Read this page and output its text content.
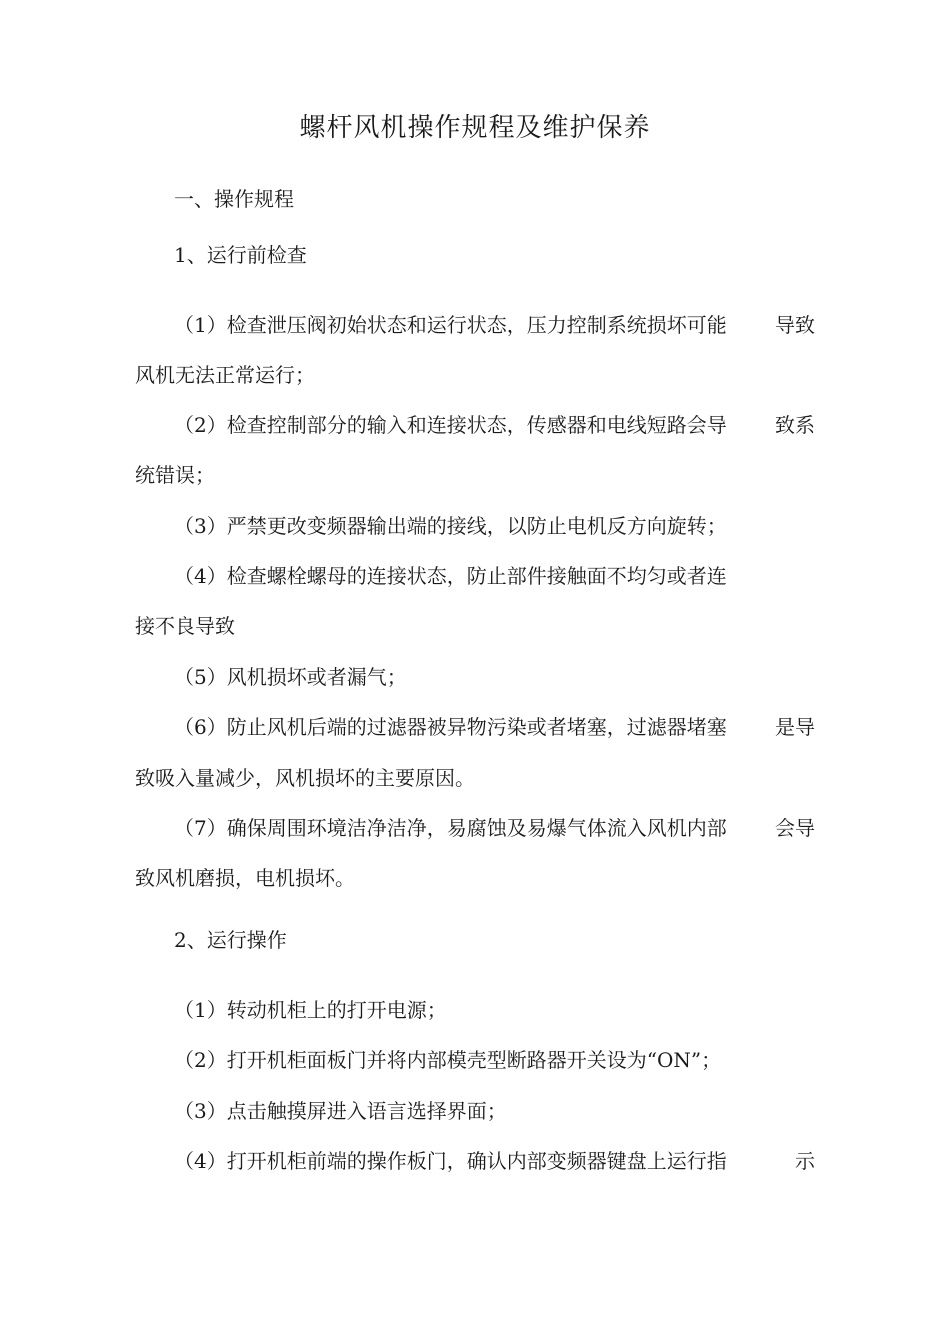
螺杆风机操作规程及维护保养
一、操作规程
1、运行前检查
（1）检查泄压阀初始状态和运行状态，压力控制系统损坏可能 导致
风机无法正常运行；
（2）检查控制部分的输入和连接状态，传感器和电线短路会导 致系
统错误；
（3）严禁更改变频器输出端的接线，以防止电机反方向旋转；
（4）检查螺栓螺母的连接状态，防止部件接触面不均匀或者连
接不良导致
（5）风机损坏或者漏气；
（6）防止风机后端的过滤器被异物污染或者堵塞，过滤器堵塞 是导
致吸入量减少，风机损坏的主要原因。
（7）确保周围环境洁净洁净，易腐蚀及易爆气体流入风机内部 会导
致风机磨损，电机损坏。
2、运行操作
（1）转动机柜上的打开电源；
（2）打开机柜面板门并将内部模壳型断路器开关设为“ON”；
（3）点击触摸屏进入语言选择界面；
（4）打开机柜前端的操作板门，确认内部变频器键盘上运行指	示
